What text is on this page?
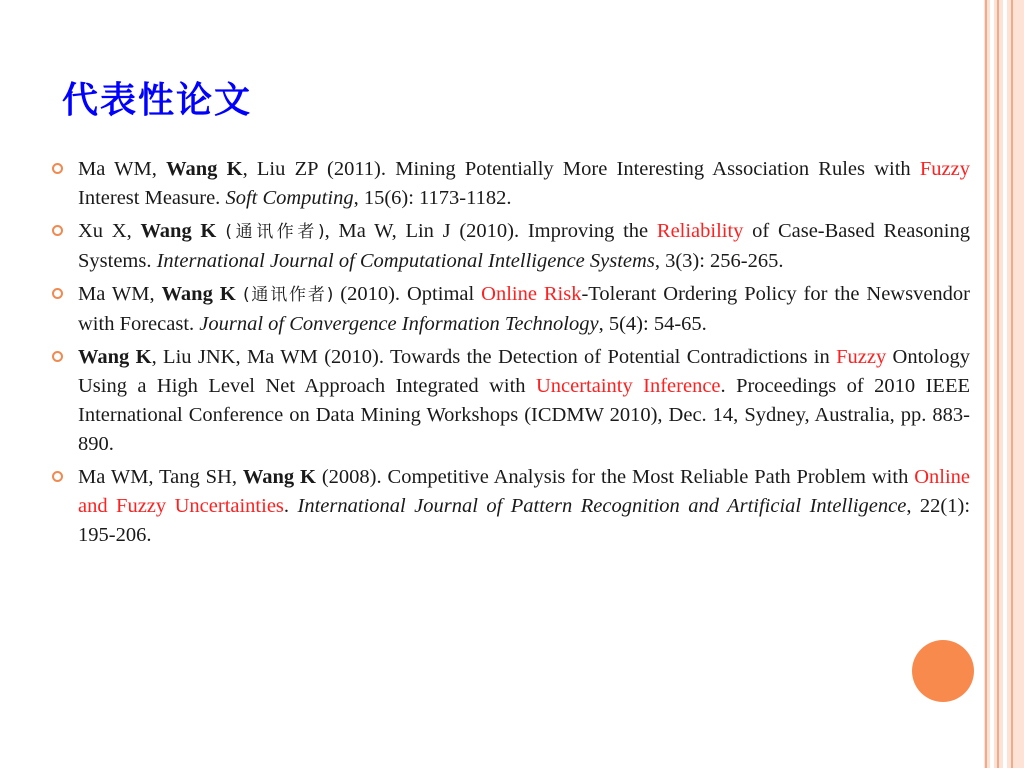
代表性论文
Ma WM, Wang K, Liu ZP (2011). Mining Potentially More Interesting Association Rules with Fuzzy Interest Measure. Soft Computing, 15(6): 1173-1182.
Xu X, Wang K (通讯作者), Ma W, Lin J (2010). Improving the Reliability of Case-Based Reasoning Systems. International Journal of Computational Intelligence Systems, 3(3): 256-265.
Ma WM, Wang K (通讯作者) (2010). Optimal Online Risk-Tolerant Ordering Policy for the Newsvendor with Forecast. Journal of Convergence Information Technology, 5(4): 54-65.
Wang K, Liu JNK, Ma WM (2010). Towards the Detection of Potential Contradictions in Fuzzy Ontology Using a High Level Net Approach Integrated with Uncertainty Inference. Proceedings of 2010 IEEE International Conference on Data Mining Workshops (ICDMW 2010), Dec. 14, Sydney, Australia, pp. 883-890.
Ma WM, Tang SH, Wang K (2008). Competitive Analysis for the Most Reliable Path Problem with Online and Fuzzy Uncertainties. International Journal of Pattern Recognition and Artificial Intelligence, 22(1): 195-206.
